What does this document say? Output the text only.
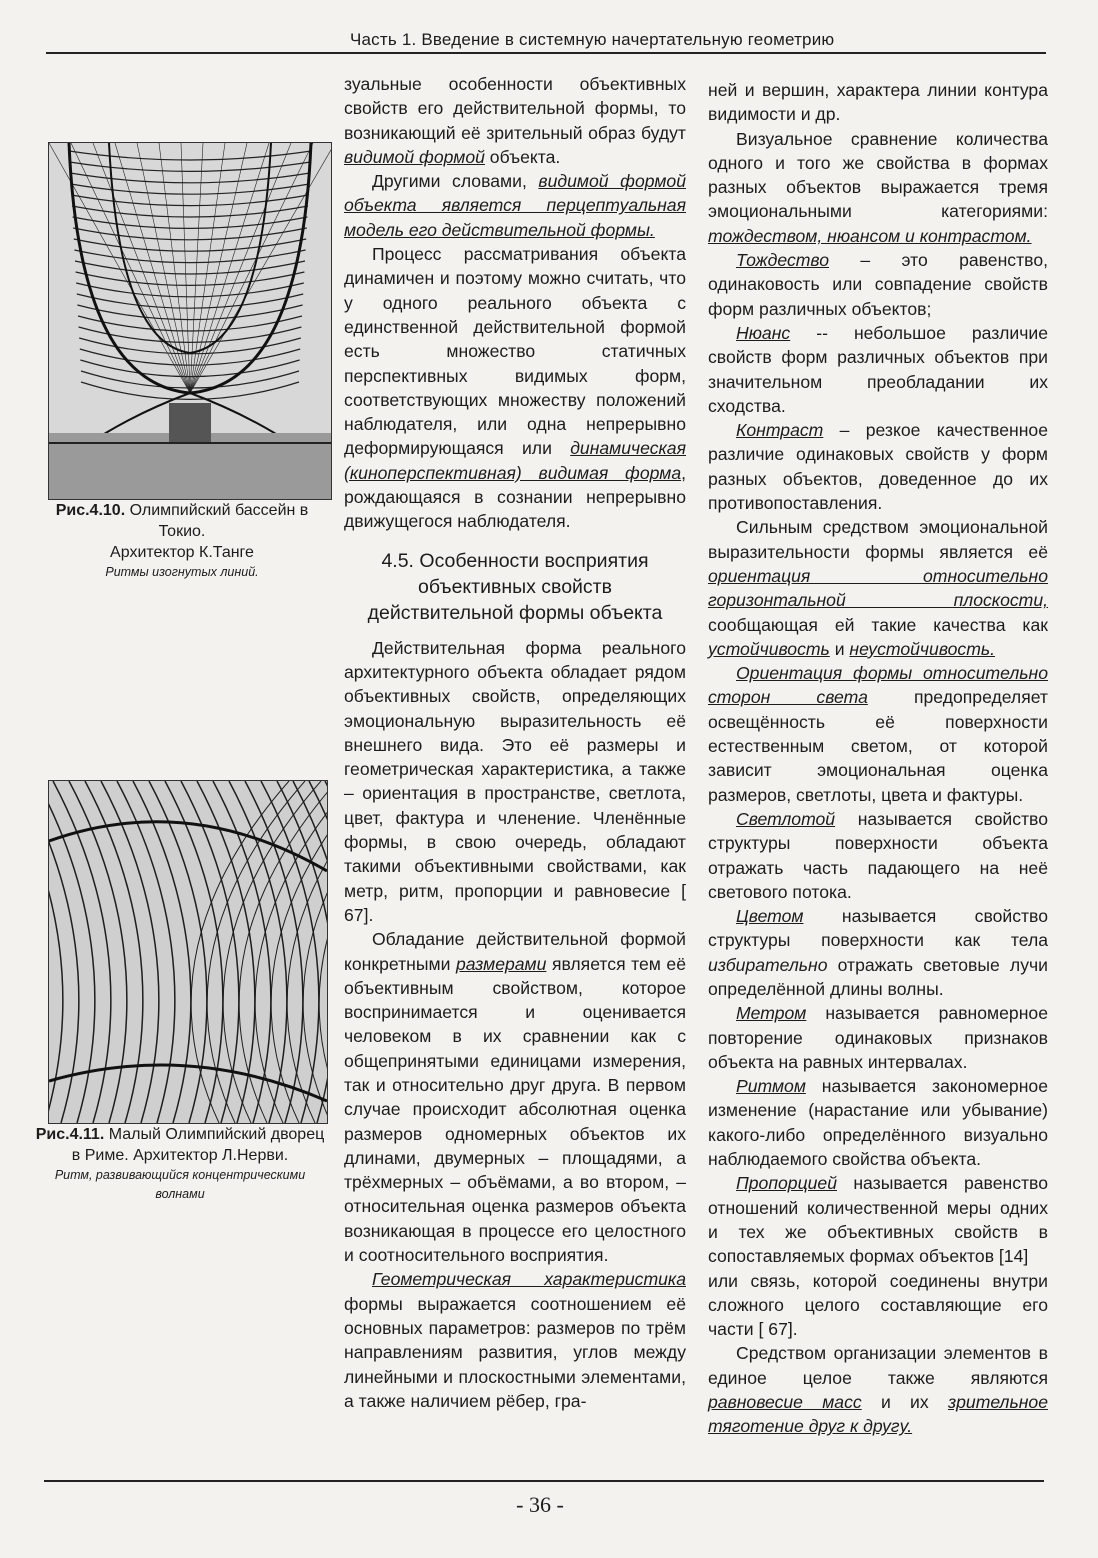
Часть 1. Введение в системную начертательную геометрию
Рис.4.10. Олимпийский бассейн в Токио.
Архитектор К.Танге
Ритмы изогнутых линий.
Рис.4.11. Малый Олимпийский дворец в Риме. Архитектор Л.Нерви.
Ритм, развивающийся концентрическими волнами

зуальные особенности объективных свойств его действительной формы, то возникающий её зрительный образ будут видимой формой объекта.

Другими словами, видимой формой объекта является перцептуальная модель его действительной формы.

Процесс рассматривания объекта динамичен и поэтому можно считать, что у одного реального объекта с единственной действительной формой есть множество статичных перспективных видимых форм, соответствующих множеству положений наблюдателя, или одна непрерывно деформирующаяся или динамическая (киноперспективная) видимая форма, рождающаяся в сознании непрерывно движущегося наблюдателя.

4.5. Особенности восприятия объективных свойств действительной формы объекта

Действительная форма реального архитектурного объекта обладает рядом объективных свойств, определяющих эмоциональную выразительность её внешнего вида. Это её размеры и геометрическая характеристика, а также – ориентация в пространстве, светлота, цвет, фактура и членение. Членённые формы, в свою очередь, обладают такими объективными свойствами, как метр, ритм, пропорции и равновесие [ 67].

Обладание действительной формой конкретными размерами является тем её объективным свойством, которое воспринимается и оценивается человеком в их сравнении как с общепринятыми единицами измерения, так и относительно друг друга. В первом случае происходит абсолютная оценка размеров одномерных объектов их длинами, двумерных – площадями, а трёхмерных – объёмами, а во втором, – относительная оценка размеров объекта возникающая в процессе его целостного и соотносительного восприятия.

Геометрическая характеристика формы выражается соотношением её основных параметров: размеров по трём направлениям развития, углов между линейными и плоскостными элементами, а также наличием рёбер, гра-

ней и вершин, характера линии контура видимости и др.

Визуальное сравнение количества одного и того же свойства в формах разных объектов выражается тремя эмоциональными категориями: тождеством, нюансом и контрастом.

Тождество – это равенство, одинаковость или совпадение свойств форм различных объектов;

Нюанс -- небольшое различие свойств форм различных объектов при значительном преобладании их сходства.

Контраст – резкое качественное различие одинаковых свойств у форм разных объектов, доведенное до их противопоставления.

Сильным средством эмоциональной выразительности формы является её ориентация относительно горизонтальной плоскости, сообщающая ей такие качества как устойчивость и неустойчивость.

Ориентация формы относительно сторон света предопределяет освещённость её поверхности естественным светом, от которой зависит эмоциональная оценка размеров, светлоты, цвета и фактуры.

Светлотой называется свойство структуры поверхности объекта отражать часть падающего на неё светового потока.

Цветом называется свойство структуры поверхности как тела избирательно отражать световые лучи определённой длины волны.

Метром называется равномерное повторение одинаковых признаков объекта на равных интервалах.

Ритмом называется закономерное изменение (нарастание или убывание) какого-либо определённого визуально наблюдаемого свойства объекта.

Пропорцией называется равенство отношений количественной меры одних и тех же объективных свойств в сопоставляемых формах объектов [14]

или связь, которой соединены внутри сложного целого составляющие его части [ 67].

Средством организации элементов в единое целое также являются равновесие масс и их зрительное тяготение друг к другу.

- 36 -
